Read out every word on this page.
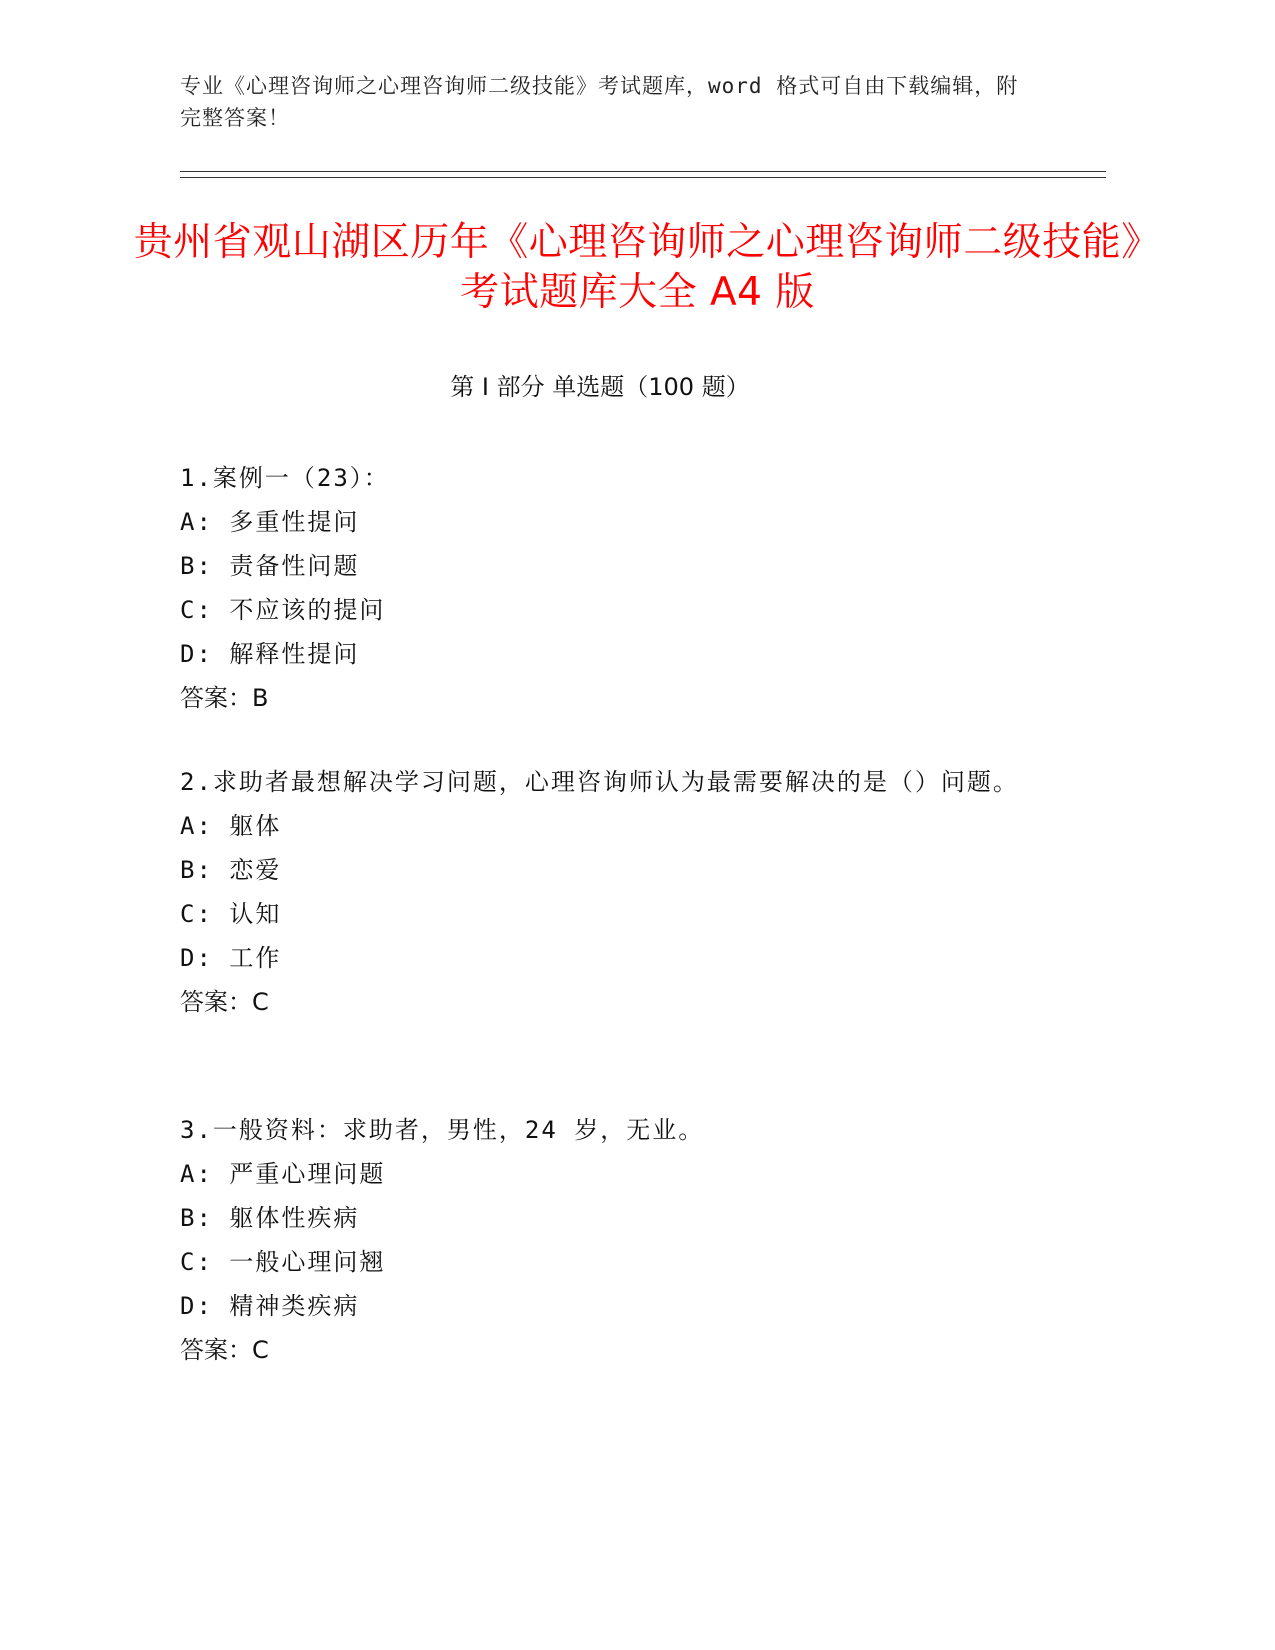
专业《心理咨询师之心理咨询师二级技能》考试题库，word 格式可自由下载编辑，附完整答案！
贵州省观山湖区历年《心理咨询师之心理咨询师二级技能》考试题库大全 A4 版
第 I 部分 单选题（100 题）

1.案例一（23）：

A: 多重性提问
B: 责备性问题
C: 不应该的提问
D: 解释性提问
答案：B

2.求助者最想解决学习问题，心理咨询师认为最需要解决的是（）问题。

A: 躯体
B: 恋爱
C: 认知
D: 工作
答案：C

3.一般资料：求助者，男性，24 岁，无业。

A: 严重心理问题
B: 躯体性疾病
C: 一般心理问翘
D: 精神类疾病
答案：C
